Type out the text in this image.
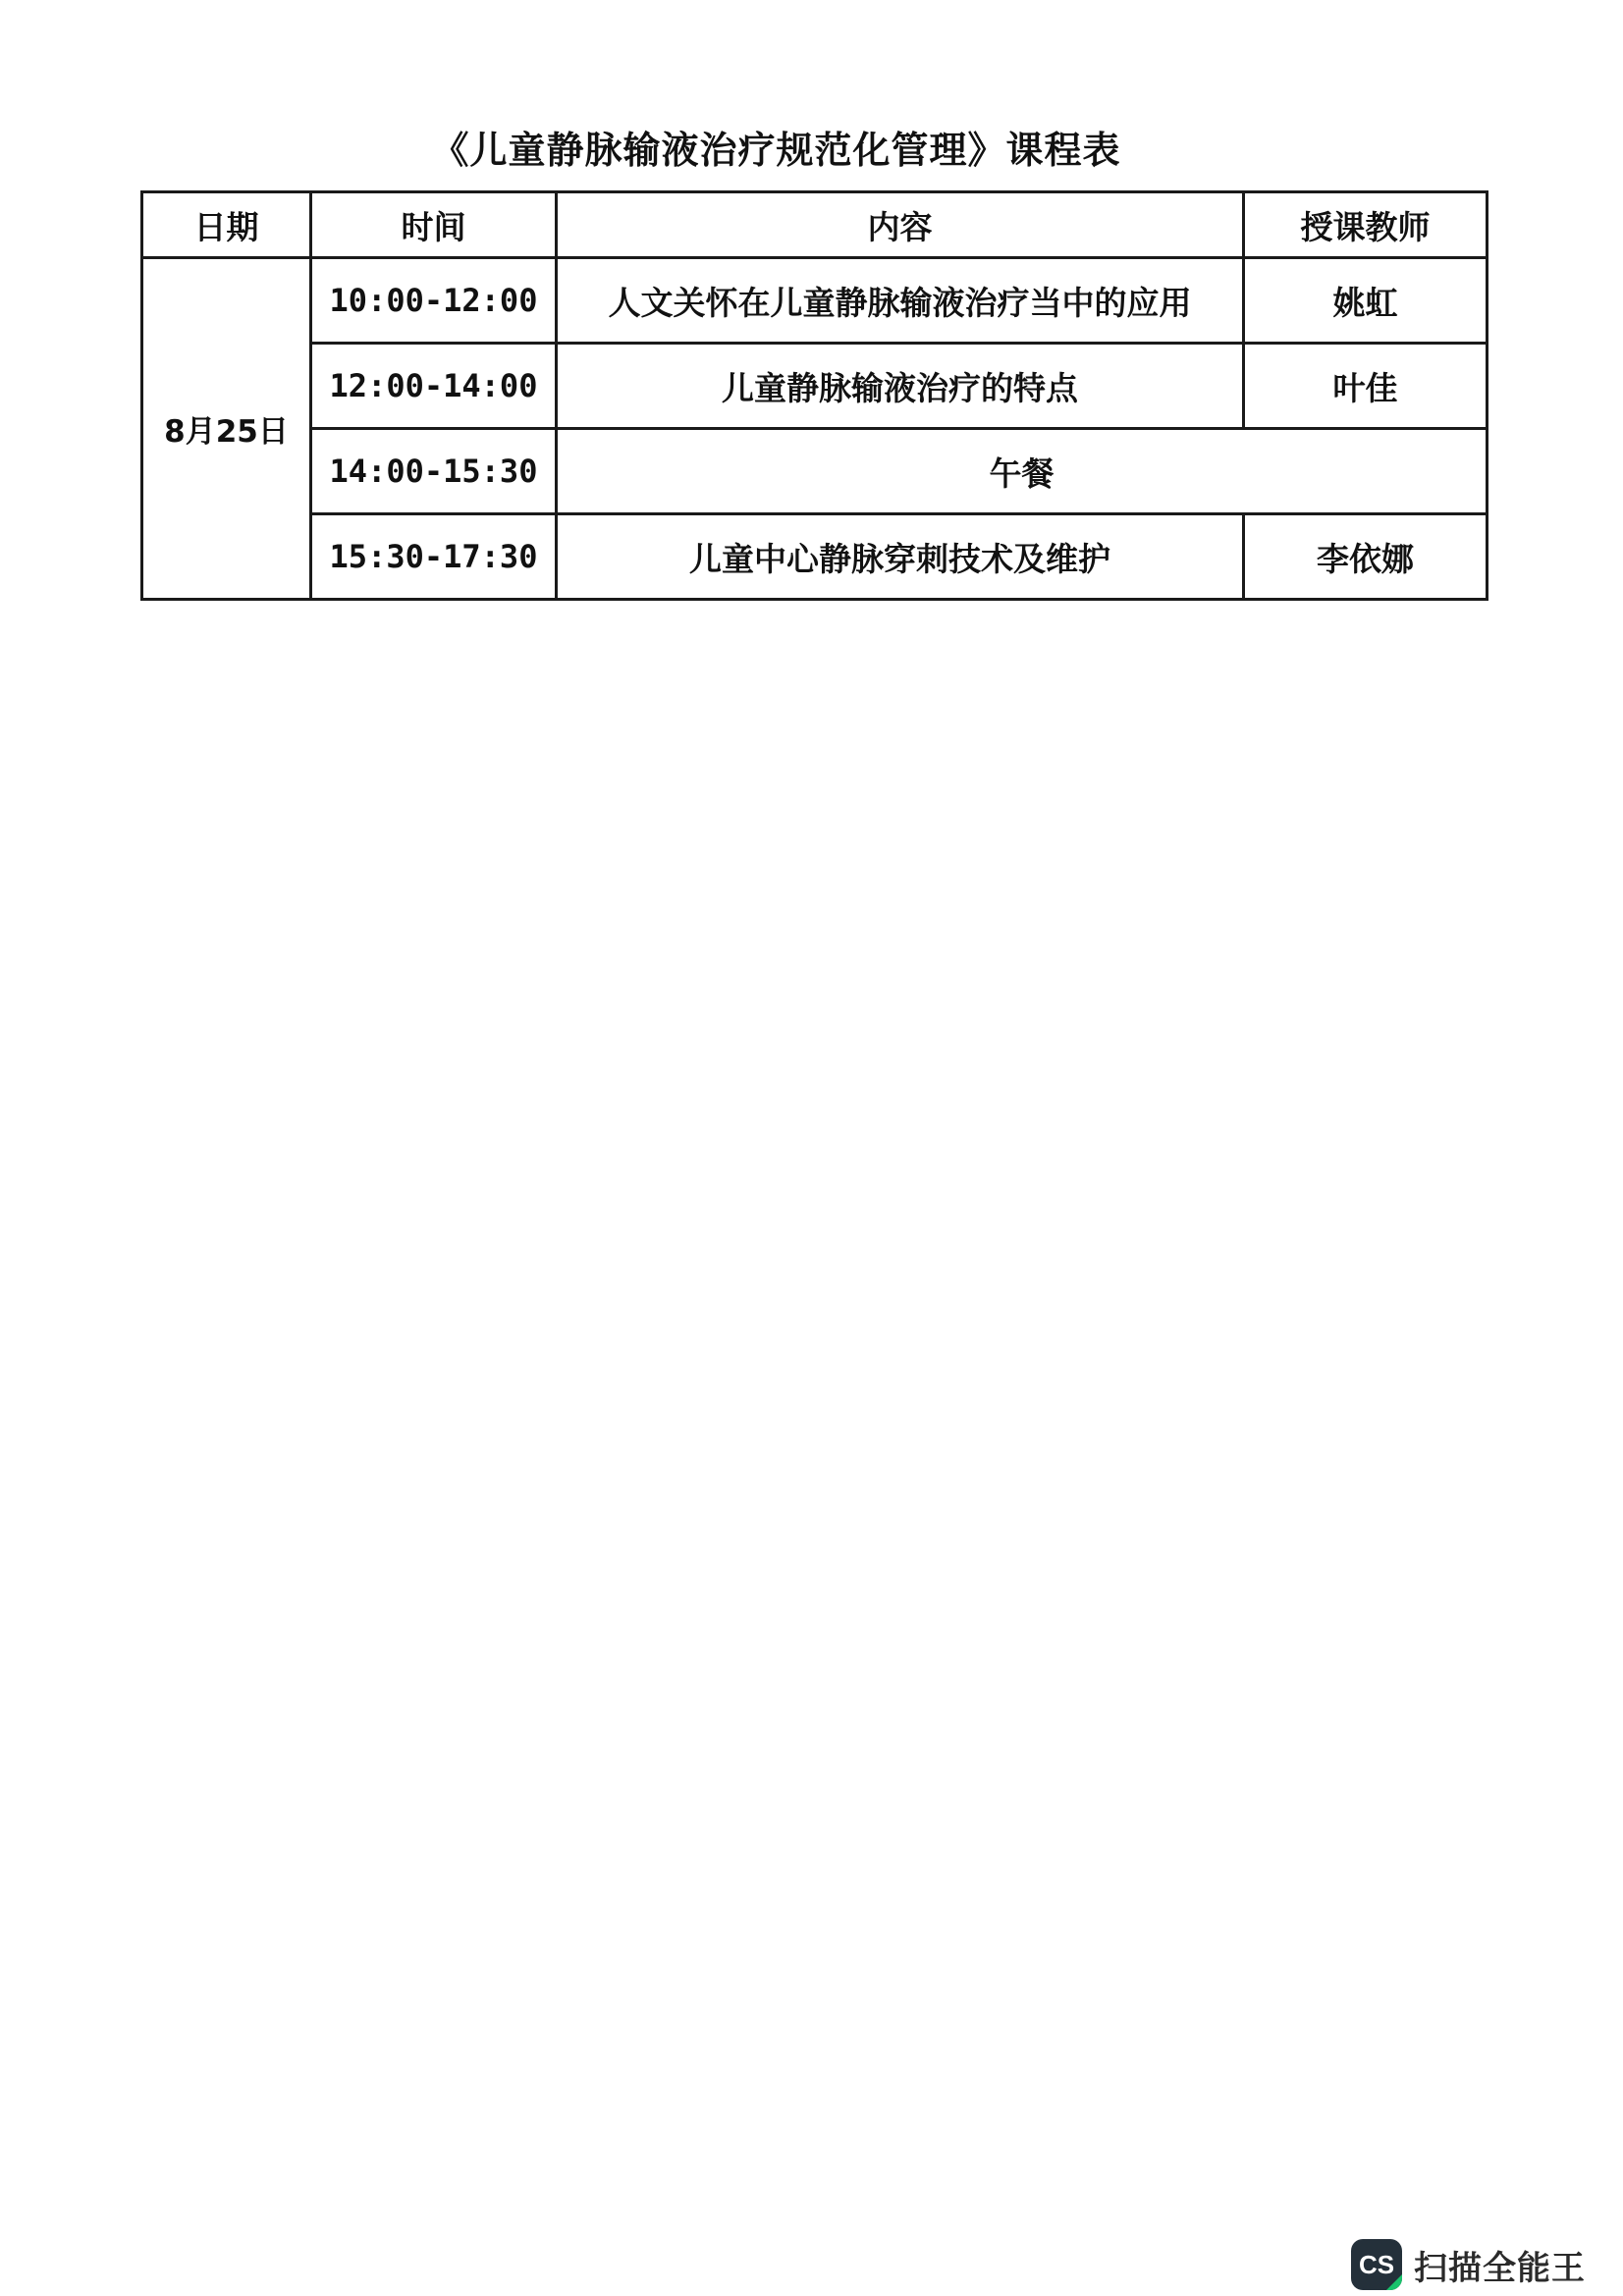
《儿童静脉输液治疗规范化管理》课程表
日期	时间	内容	授课教师
8月25日	10:00-12:00	人文关怀在儿童静脉输液治疗当中的应用	姚虹
	12:00-14:00	儿童静脉输液治疗的特点	叶佳
	14:00-15:30	午餐	
	15:30-17:30	儿童中心静脉穿刺技术及维护	李依娜
CS 扫描全能王
